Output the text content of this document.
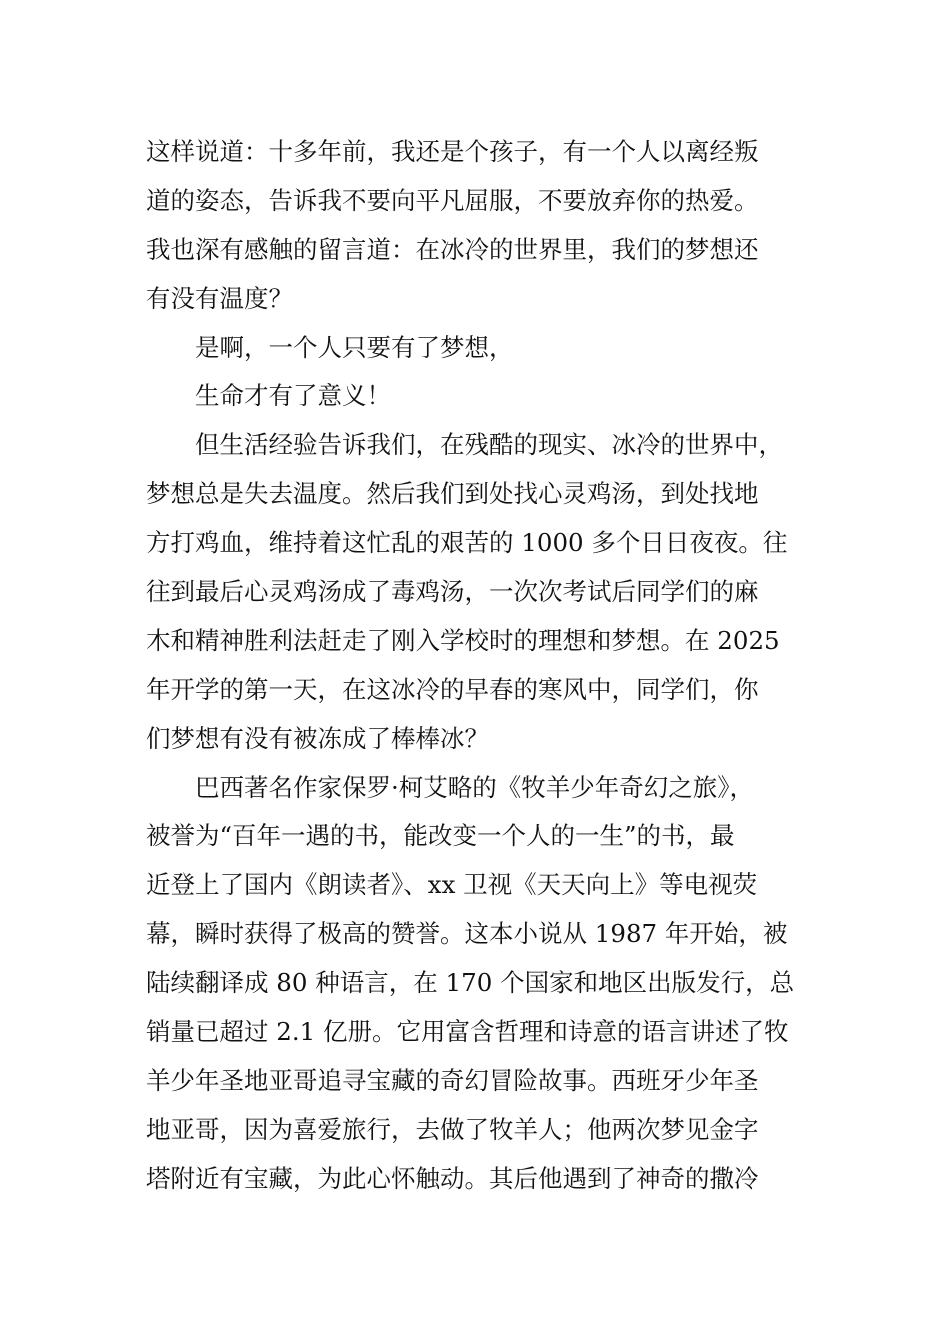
这样说道：十多年前，我还是个孩子，有一个人以离经叛
道的姿态，告诉我不要向平凡屈服，不要放弃你的热爱。
我也深有感触的留言道：在冰冷的世界里，我们的梦想还
有没有温度？
是啊，一个人只要有了梦想，
生命才有了意义！
但生活经验告诉我们，在残酷的现实、冰冷的世界中，
梦想总是失去温度。然后我们到处找心灵鸡汤，到处找地
方打鸡血，维持着这忙乱的艰苦的 1000 多个日日夜夜。往
往到最后心灵鸡汤成了毒鸡汤，一次次考试后同学们的麻
木和精神胜利法赶走了刚入学校时的理想和梦想。在 2025
年开学的第一天，在这冰冷的早春的寒风中，同学们，你
们梦想有没有被冻成了棒棒冰？
巴西著名作家保罗·柯艾略的《牧羊少年奇幻之旅》，
被誉为“百年一遇的书，能改变一个人的一生”的书，最
近登上了国内《朗读者》、xx 卫视《天天向上》等电视荧
幕，瞬时获得了极高的赞誉。这本小说从 1987 年开始，被
陆续翻译成 80 种语言，在 170 个国家和地区出版发行，总
销量已超过 2.1 亿册。它用富含哲理和诗意的语言讲述了牧
羊少年圣地亚哥追寻宝藏的奇幻冒险故事。西班牙少年圣
地亚哥，因为喜爱旅行，去做了牧羊人；他两次梦见金字
塔附近有宝藏，为此心怀触动。其后他遇到了神奇的撒冷
